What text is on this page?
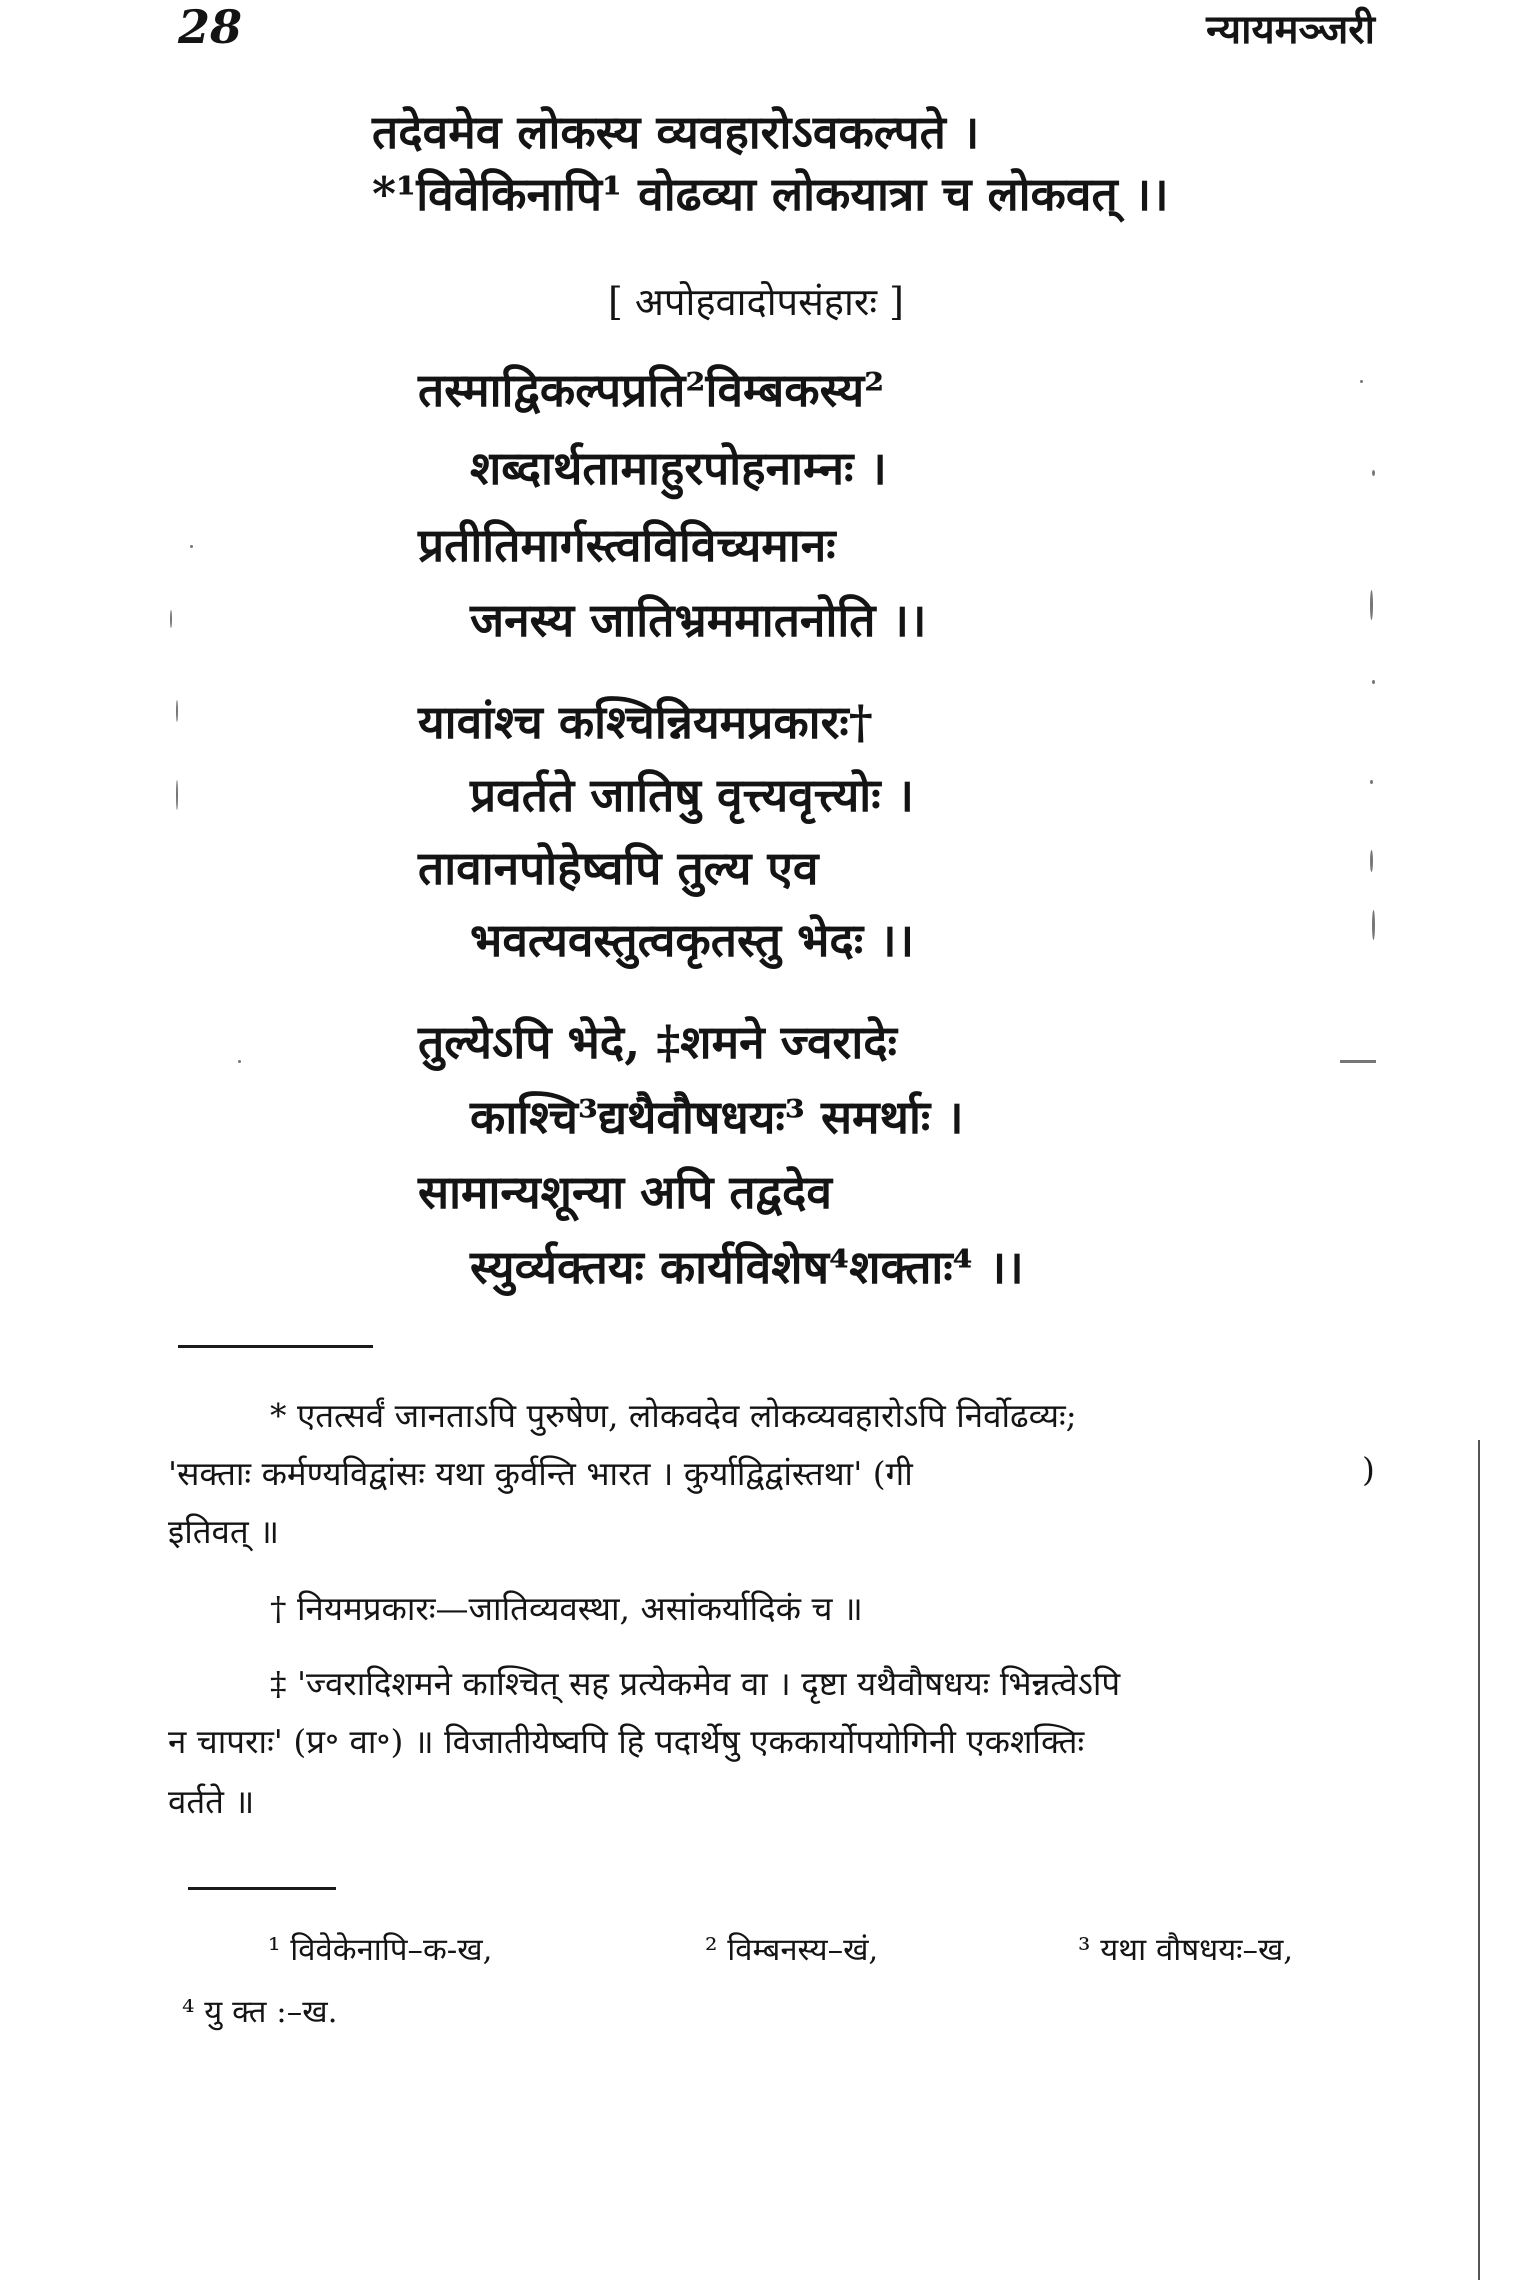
28	न्यायमञ्जरी
तदेवमेव लोकस्य व्यवहारोऽवकल्पते ।
*¹विवेकिनापि¹ वोढव्या लोकयात्रा च लोकवत् ।।
[ अपोहवादोपसंहारः ]
तस्माद्विकल्पप्रति²विम्बकस्य²
शब्दार्थतामाहुरपोहनाम्नः ।
प्रतीतिमार्गस्त्वविविच्यमानः
जनस्य जातिभ्रममातनोति ।।
यावांश्च कश्चिन्नियमप्रकारः†
प्रवर्तते जातिषु वृत्त्यवृत्त्योः ।
तावानपोहेष्वपि तुल्य एव
भवत्यवस्तुत्वकृतस्तु भेदः ।।
तुल्येऽपि भेदे, ‡शमने ज्वरादेः
काश्चि³द्यथैवौषधयः³ समर्थाः ।
सामान्यशून्या अपि तद्वदेव
स्युर्व्यक्तयः कार्यविशेष⁴शक्ताः⁴ ।।
* एतत्सर्वं जानताऽपि पुरुषेण, लोकवदेव लोकव्यवहारोऽपि निर्वोढव्यः;
'सक्ताः कर्मण्यविद्वांसः यथा कुर्वन्ति भारत । कुर्याद्विद्वांस्तथा' (गी	)
इतिवत् ॥
† नियमप्रकारः—जातिव्यवस्था, असांकर्यादिकं च ॥
‡ 'ज्वरादिशमने काश्चित् सह प्रत्येकमेव वा । दृष्टा यथैवौषधयः भिन्नत्वेऽपि
न चापराः' (प्र॰ वा॰) ॥ विजातीयेष्वपि हि पदार्थेषु एककार्योपयोगिनी एकशक्तिः
वर्तते ॥
¹ विवेकेनापि–क-ख,	² विम्बनस्य–खं,	³ यथा वौषधयः–ख,
⁴ यु क्त :–ख.
